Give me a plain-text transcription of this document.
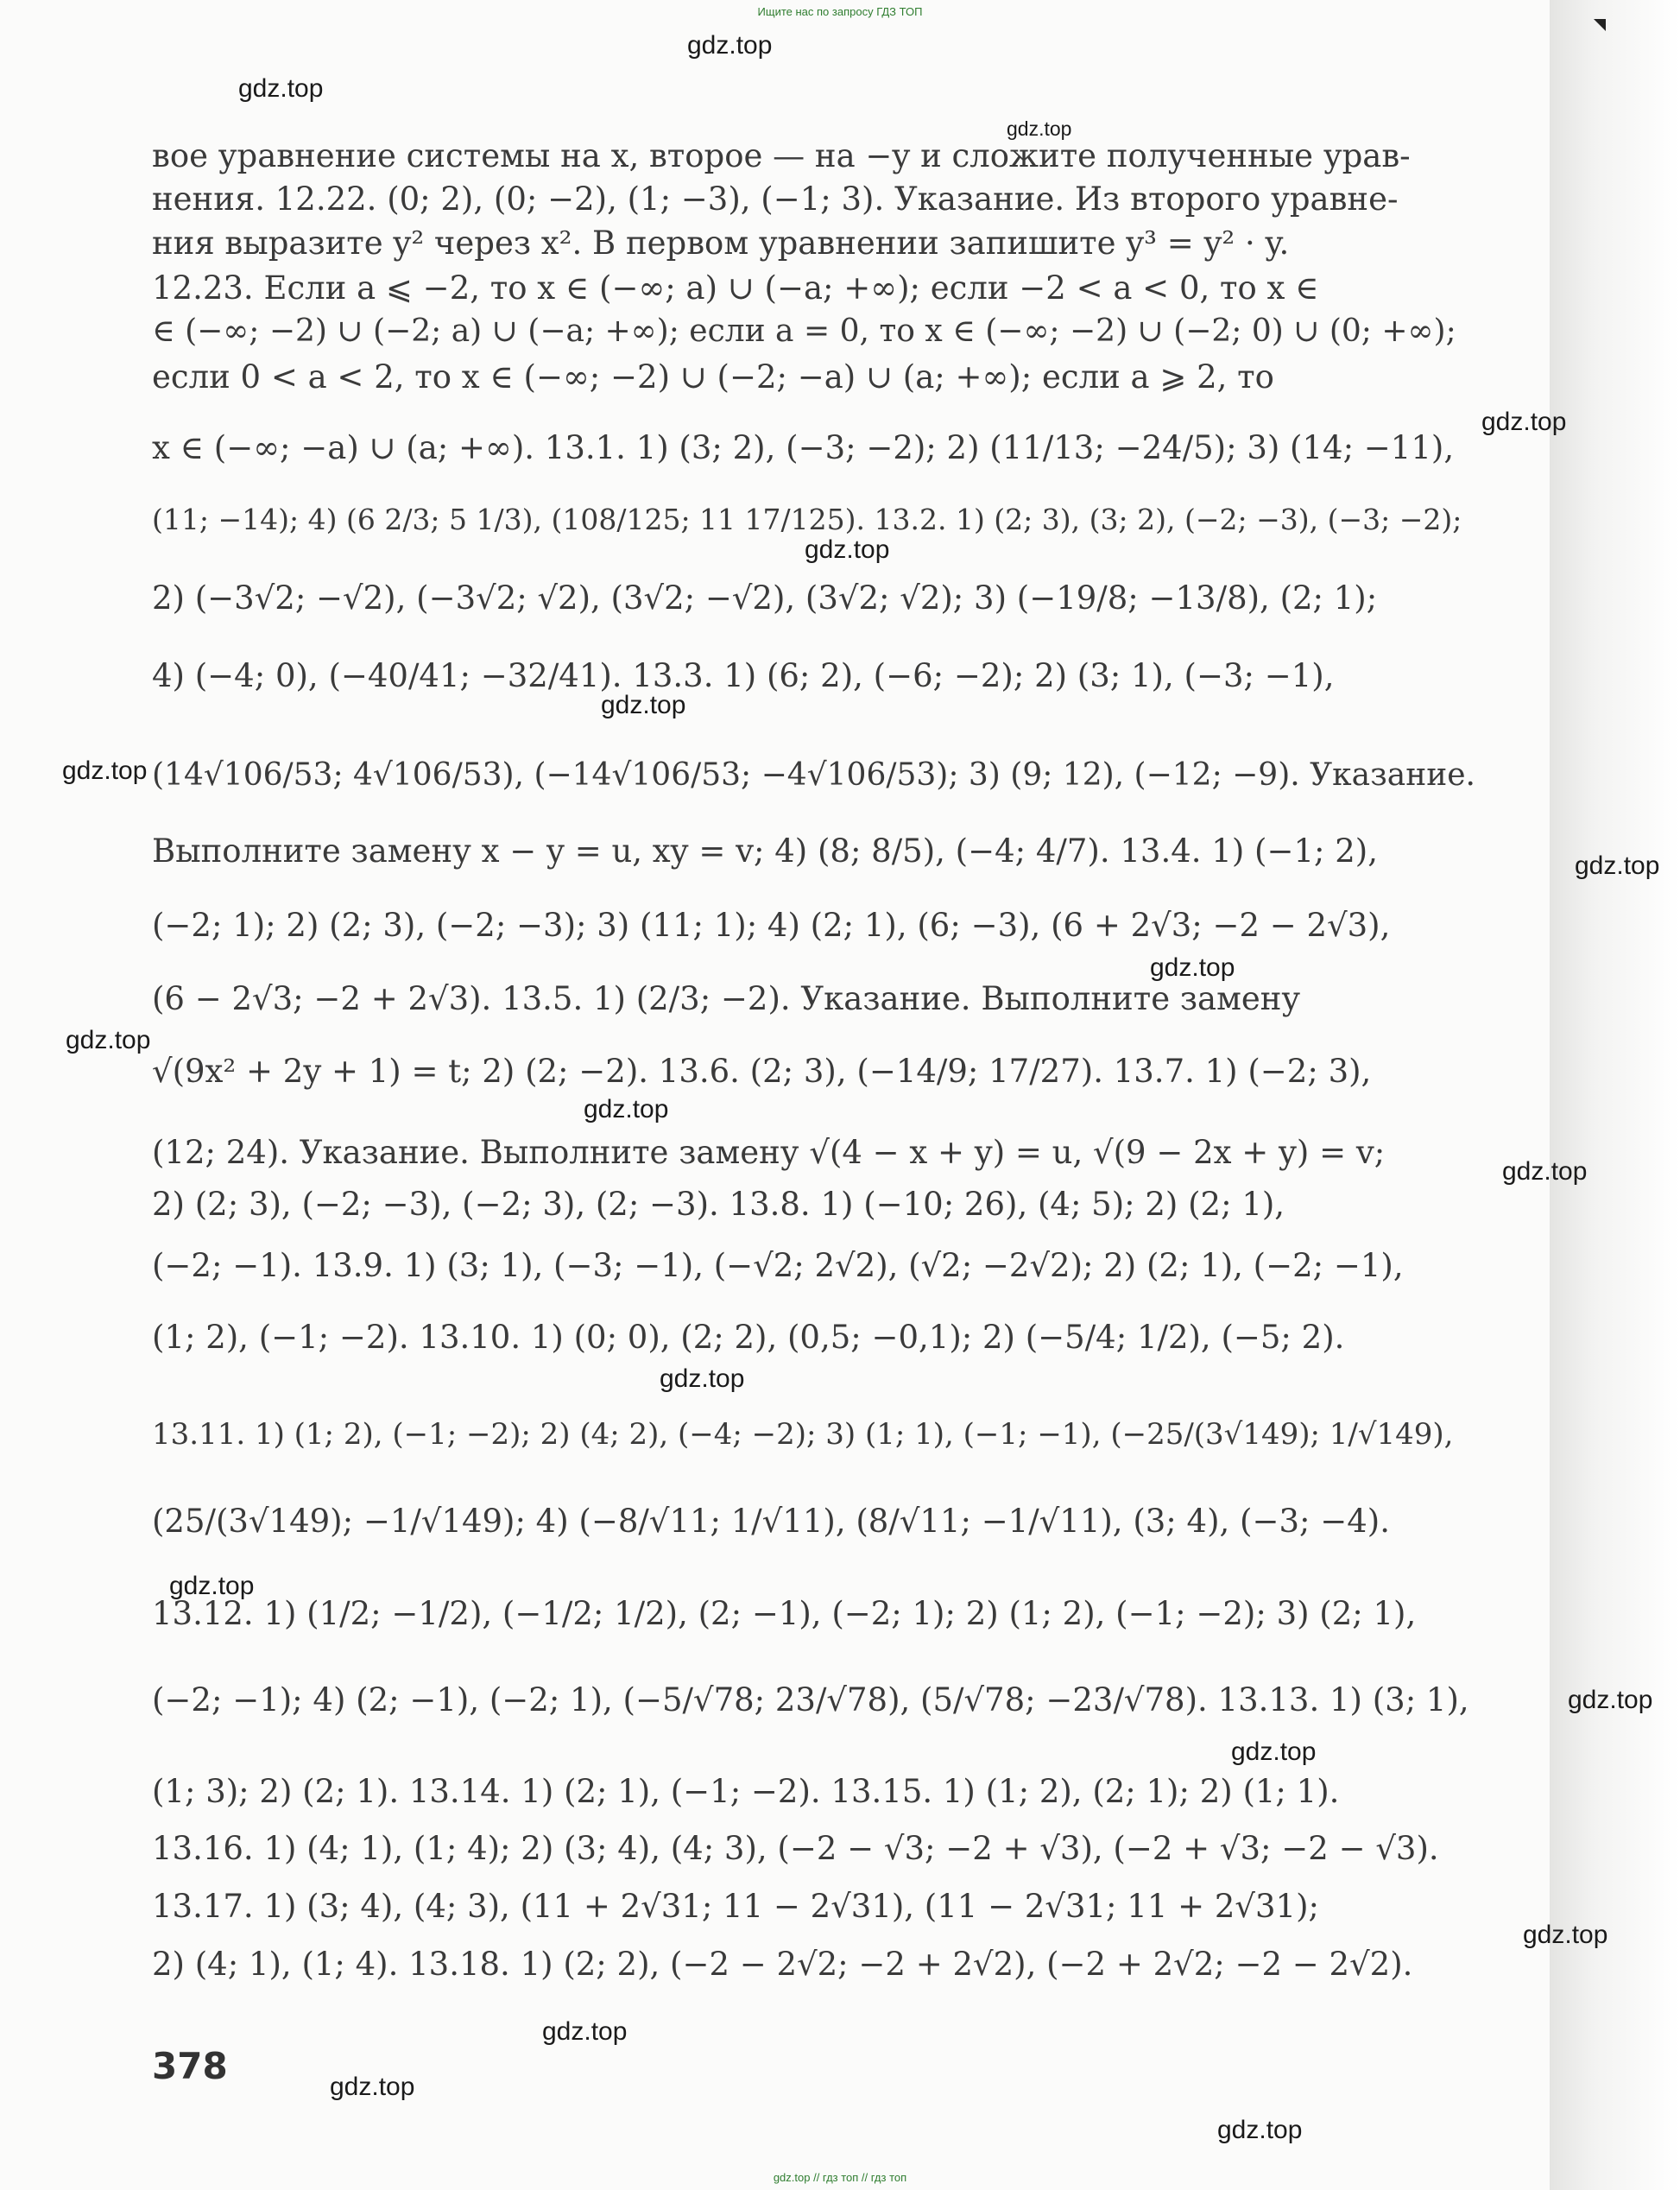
Ищите нас по запросу ГДЗ ТОП
gdz.top
gdz.top
gdz.top
gdz.top
gdz.top
gdz.top
gdz.top
gdz.top
gdz.top
gdz.top
gdz.top
gdz.top
gdz.top
gdz.top
gdz.top
gdz.top
gdz.top
gdz.top
gdz.top
gdz.top
вое уравнение системы на x, второе — на −y и сложите полученные урав-
нения. 12.22. (0; 2), (0; −2), (1; −3), (−1; 3). Указание. Из второго уравне-
ния выразите y² через x². В первом уравнении запишите y³ = y² · y.
12.23. Если a ⩽ −2, то x ∈ (−∞; a) ∪ (−a; +∞); если −2 < a < 0, то x ∈
∈ (−∞; −2) ∪ (−2; a) ∪ (−a; +∞); если a = 0, то x ∈ (−∞; −2) ∪ (−2; 0) ∪ (0; +∞);
если 0 < a < 2, то x ∈ (−∞; −2) ∪ (−2; −a) ∪ (a; +∞); если a ⩾ 2, то
x ∈ (−∞; −a) ∪ (a; +∞). 13.1. 1) (3; 2), (−3; −2); 2) (11/13; −24/5); 3) (14; −11),
(11; −14); 4) (6 2/3; 5 1/3), (108/125; 11 17/125). 13.2. 1) (2; 3), (3; 2), (−2; −3), (−3; −2);
2) (−3√2; −√2), (−3√2; √2), (3√2; −√2), (3√2; √2); 3) (−19/8; −13/8), (2; 1);
4) (−4; 0), (−40/41; −32/41). 13.3. 1) (6; 2), (−6; −2); 2) (3; 1), (−3; −1),
(14√106/53; 4√106/53), (−14√106/53; −4√106/53); 3) (9; 12), (−12; −9). Указание.
Выполните замену x − y = u, xy = v; 4) (8; 8/5), (−4; 4/7). 13.4. 1) (−1; 2),
(−2; 1); 2) (2; 3), (−2; −3); 3) (11; 1); 4) (2; 1), (6; −3), (6 + 2√3; −2 − 2√3),
(6 − 2√3; −2 + 2√3). 13.5. 1) (2/3; −2). Указание. Выполните замену
√(9x² + 2y + 1) = t; 2) (2; −2). 13.6. (2; 3), (−14/9; 17/27). 13.7. 1) (−2; 3),
(12; 24). Указание. Выполните замену √(4 − x + y) = u, √(9 − 2x + y) = v;
2) (2; 3), (−2; −3), (−2; 3), (2; −3). 13.8. 1) (−10; 26), (4; 5); 2) (2; 1),
(−2; −1). 13.9. 1) (3; 1), (−3; −1), (−√2; 2√2), (√2; −2√2); 2) (2; 1), (−2; −1),
(1; 2), (−1; −2). 13.10. 1) (0; 0), (2; 2), (0,5; −0,1); 2) (−5/4; 1/2), (−5; 2).
13.11. 1) (1; 2), (−1; −2); 2) (4; 2), (−4; −2); 3) (1; 1), (−1; −1), (−25/(3√149); 1/√149),
(25/(3√149); −1/√149); 4) (−8/√11; 1/√11), (8/√11; −1/√11), (3; 4), (−3; −4).
13.12. 1) (1/2; −1/2), (−1/2; 1/2), (2; −1), (−2; 1); 2) (1; 2), (−1; −2); 3) (2; 1),
(−2; −1); 4) (2; −1), (−2; 1), (−5/√78; 23/√78), (5/√78; −23/√78). 13.13. 1) (3; 1),
(1; 3); 2) (2; 1). 13.14. 1) (2; 1), (−1; −2). 13.15. 1) (1; 2), (2; 1); 2) (1; 1).
13.16. 1) (4; 1), (1; 4); 2) (3; 4), (4; 3), (−2 − √3; −2 + √3), (−2 + √3; −2 − √3).
13.17. 1) (3; 4), (4; 3), (11 + 2√31; 11 − 2√31), (11 − 2√31; 11 + 2√31);
2) (4; 1), (1; 4). 13.18. 1) (2; 2), (−2 − 2√2; −2 + 2√2), (−2 + 2√2; −2 − 2√2).
378
gdz.top // гдз топ // гдз топ
